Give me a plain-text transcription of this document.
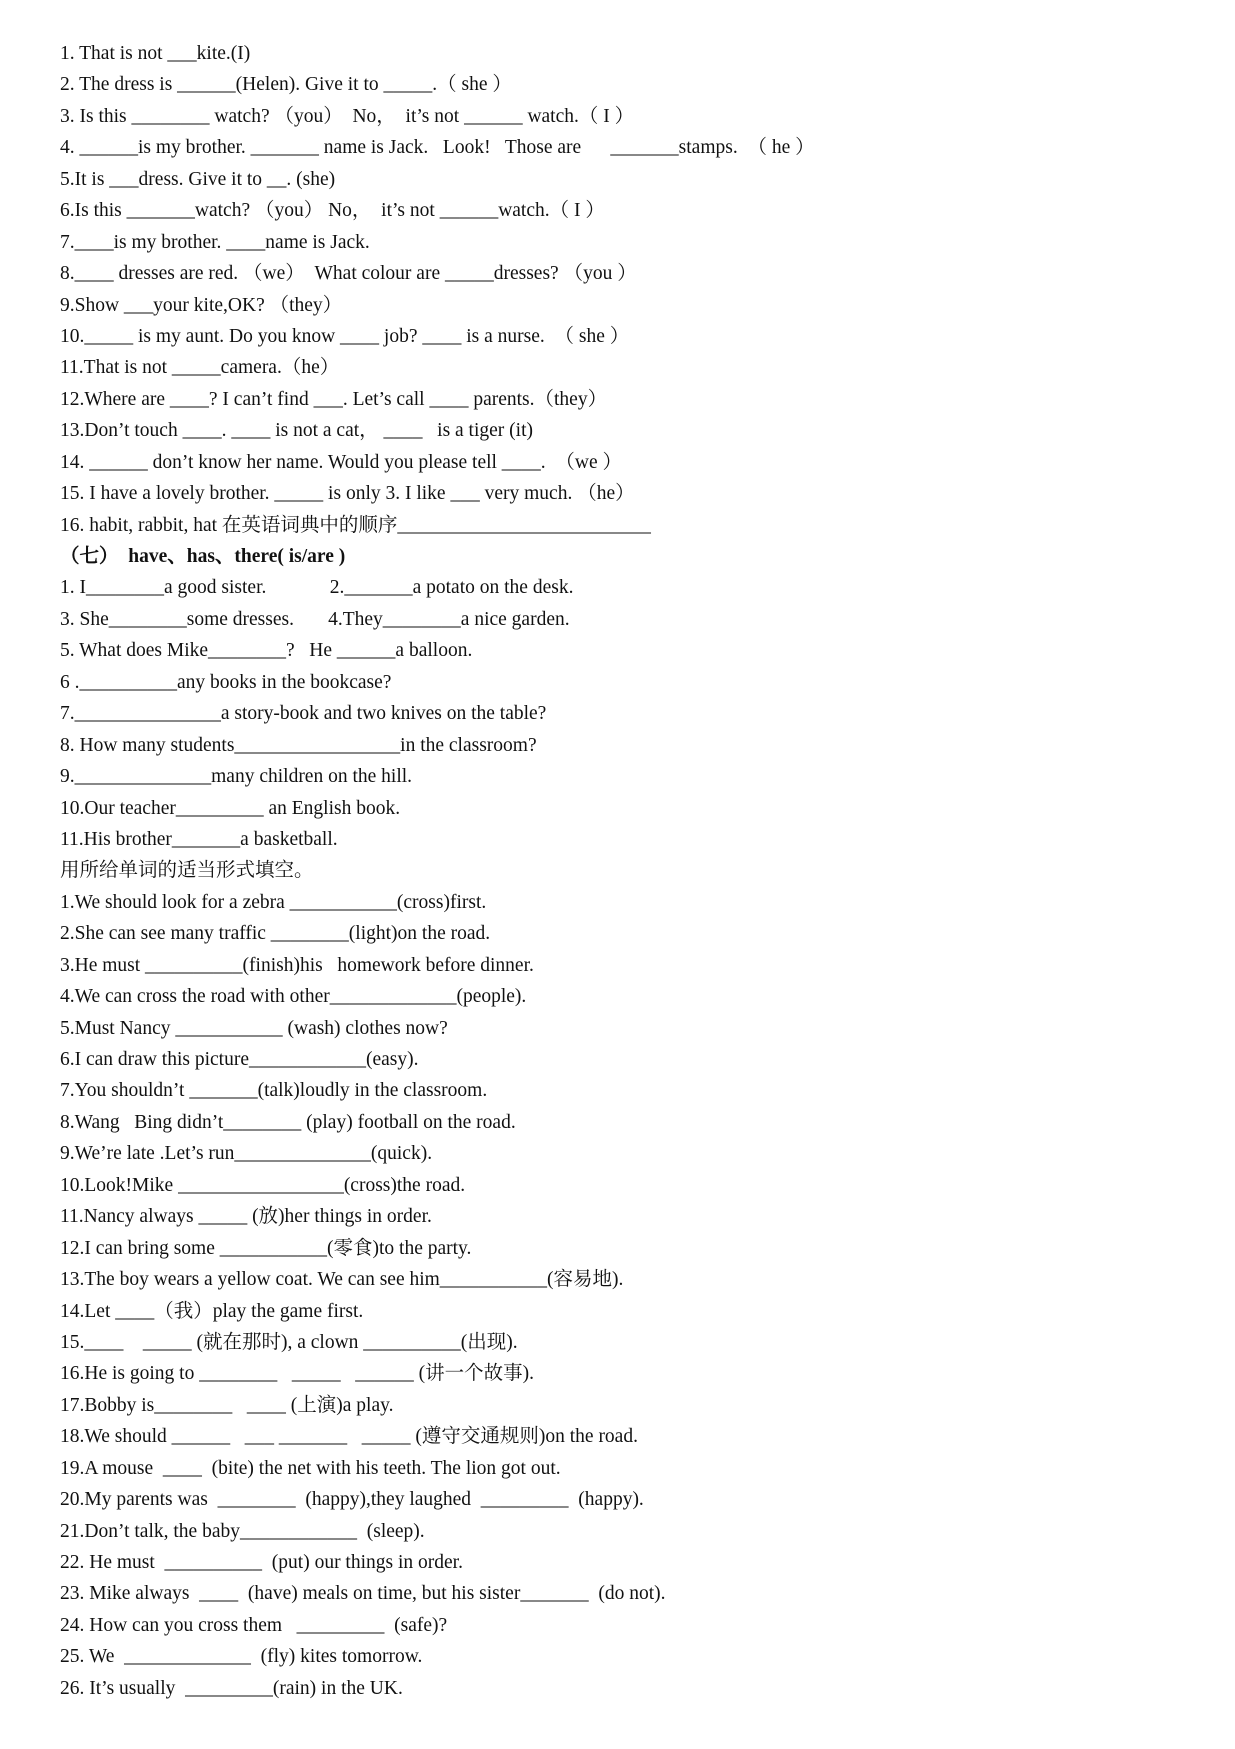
1. That is not ___kite.(I)
2. The dress is ______(Helen). Give it to _____.（ she ）
3. Is this ________ watch? （you）  No，  it’s not ______ watch.（ I ）
4. ______is my brother. _______ name is Jack.   Look!   Those are      _______stamps.  （ he ）
5.It is ___dress. Give it to __. (she)
6.Is this _______watch? （you） No，  it’s not ______watch.（ I ）
7.____is my brother. ____name is Jack.
8.____ dresses are red. （we）  What colour are _____dresses? （you ）
9.Show ___your kite,OK? （they）
10._____ is my aunt. Do you know ____ job? ____ is a nurse.  （ she ）
11.That is not _____camera.（he）
12.Where are ____? I can’t find ___. Let’s call ____ parents.（they）
13.Don’t touch ____. ____ is not a cat， ____   is a tiger (it)
14. ______ don’t know her name. Would you please tell ____.  （we ）
15. I have a lovely brother. _____ is only 3. I like ___ very much. （he）
16. habit, rabbit, hat 在英语词典中的顺序__________________________
（七）  have、has、there( is/are )
1. I________a good sister.             2._______a potato on the desk.
3. She________some dresses.       4.They________a nice garden.
5. What does Mike________?   He ______a balloon.
6 .__________any books in the bookcase?
7._______________a story-book and two knives on the table?
8. How many students_________________in the classroom?
9.______________many children on the hill.
10.Our teacher_________ an English book.
11.His brother_______a basketball.
用所给单词的适当形式填空。
1.We should look for a zebra ___________(cross)first.
2.She can see many traffic ________(light)on the road.
3.He must __________(finish)his   homework before dinner.
4.We can cross the road with other_____________(people).
5.Must Nancy ___________ (wash) clothes now?
6.I can draw this picture____________(easy).
7.You shouldn’t _______(talk)loudly in the classroom.
8.Wang   Bing didn’t________ (play) football on the road.
9.We’re late .Let’s run______________(quick).
10.Look!Mike _________________(cross)the road.
11.Nancy always _____ (放)her things in order.
12.I can bring some ___________(零食)to the party.
13.The boy wears a yellow coat. We can see him___________(容易地).
14.Let ____（我）play the game first.
15.____    _____ (就在那时), a clown __________(出现).
16.He is going to ________   _____   ______ (讲一个故事).
17.Bobby is________   ____ (上演)a play.
18.We should ______   ___ _______   _____ (遵守交通规则)on the road.
19.A mouse  ____  (bite) the net with his teeth. The lion got out.
20.My parents was  ________  (happy),they laughed  _________  (happy).
21.Don’t talk, the baby____________  (sleep).
22. He must  __________  (put) our things in order.
23. Mike always  ____  (have) meals on time, but his sister_______  (do not).
24. How can you cross them   _________  (safe)?
25. We  _____________  (fly) kites tomorrow.
26. It’s usually  _________(rain) in the UK.
